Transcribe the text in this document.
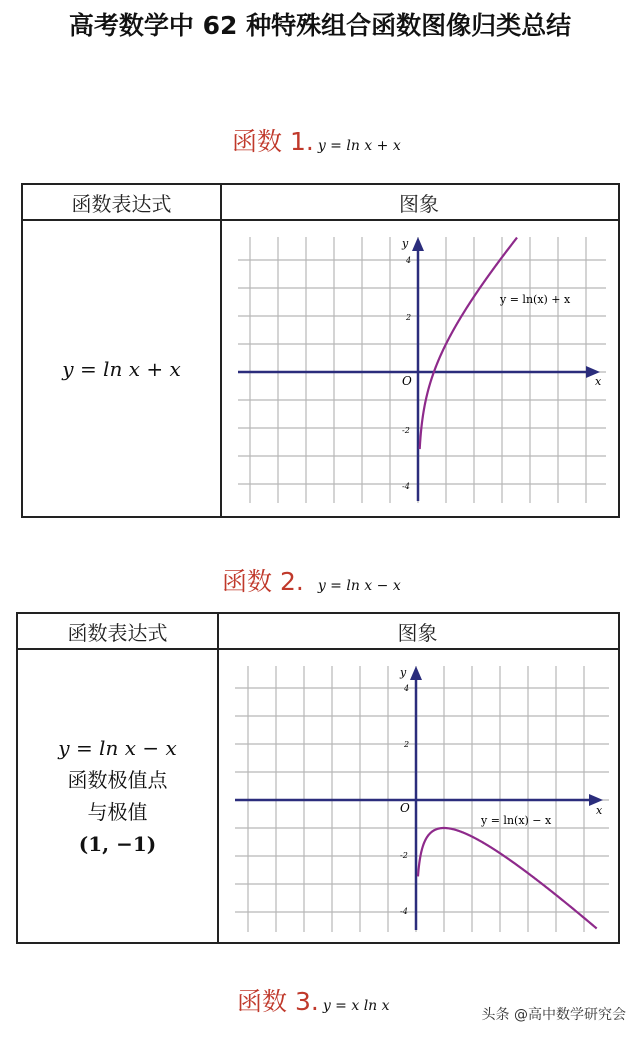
高考数学中 62 种特殊组合函数图像归类总结
函数 1. y = ln x + x
函数表达式	图象
y = ln x + x
x
y
O
4
2
-2
-4
y = ln(x) + x
函数 2. y = ln x − x
函数表达式	图象
y = ln x − x
函数极值点
与极值
(1, −1)
x
y
O
4
2
-2
-4
y = ln(x) − x
函数 3. y = x ln x
头条 @高中数学研究会
